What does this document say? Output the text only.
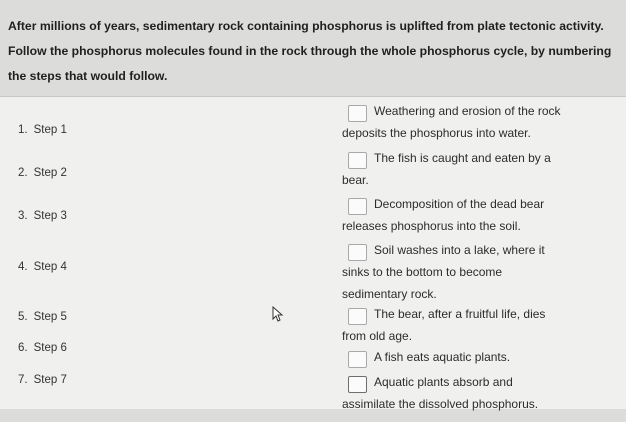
After millions of years, sedimentary rock containing phosphorus is uplifted from plate tectonic activity. Follow the phosphorus molecules found in the rock through the whole phosphorus cycle, by numbering the steps that would follow.
1. Step 1
2. Step 2
3. Step 3
4. Step 4
5. Step 5
6. Step 6
7. Step 7
Weathering and erosion of the rock
deposits the phosphorus into water.
The fish is caught and eaten by a
bear.
Decomposition of the dead bear
releases phosphorus into the soil.
Soil washes into a lake, where it
sinks to the bottom to become
sedimentary rock.
The bear, after a fruitful life, dies
from old age.
A fish eats aquatic plants.
Aquatic plants absorb and
assimilate the dissolved phosphorus.
